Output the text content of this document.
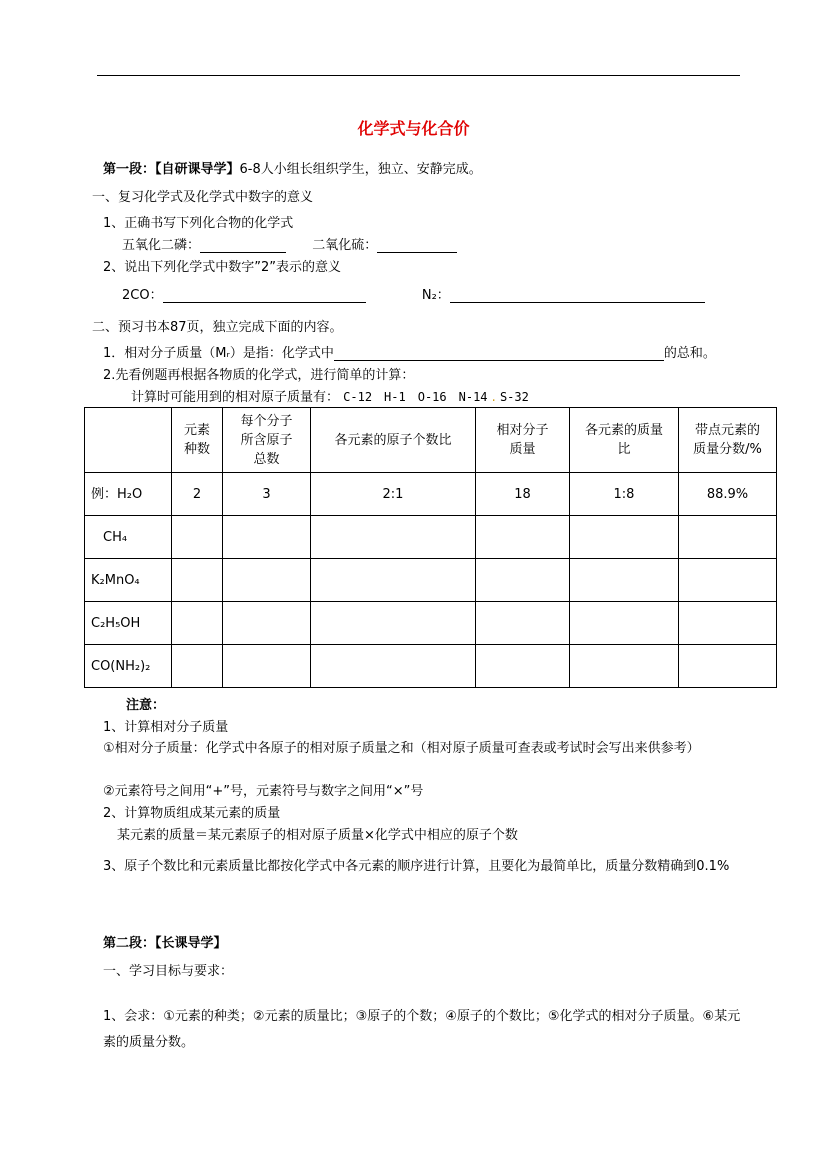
化学式与化合价
第一段：【自研课导学】6-8人小组长组织学生，独立、安静完成。
一、复习化学式及化学式中数字的意义
1、正确书写下列化合物的化学式
五氧化二磷：	二氧化硫：
2、说出下列化学式中数字”2”表示的意义
2CO：	N₂：
二、预习书本87页，独立完成下面的内容。
1．相对分子质量（Mᵣ）是指：化学式中	的总和。
2.先看例题再根据各物质的化学式，进行简单的计算：
计算时可能用到的相对原子质量有： C-12　H-1　O-16　N-14 . S-32
	元素种数	每个分子所含原子总数	各元素的原子个数比	相对分子质量	各元素的质量比	带点元素的质量分数/%
例：H₂O	2	3	2:1	18	1:8	88.9%
CH₄						
K₂MnO₄						
C₂H₅OH						
CO(NH₂)₂						
注意：
1、计算相对分子质量
①相对分子质量：化学式中各原子的相对原子质量之和（相对原子质量可查表或考试时会写出来供参考）
②元素符号之间用“+”号，元素符号与数字之间用“×”号
2、计算物质组成某元素的质量
某元素的质量＝某元素原子的相对原子质量×化学式中相应的原子个数
3、原子个数比和元素质量比都按化学式中各元素的顺序进行计算，且要化为最简单比，质量分数精确到0.1%
第二段：【长课导学】
一、学习目标与要求：
1、会求：①元素的种类；②元素的质量比；③原子的个数；④原子的个数比；⑤化学式的相对分子质量。⑥某元素的质量分数。
